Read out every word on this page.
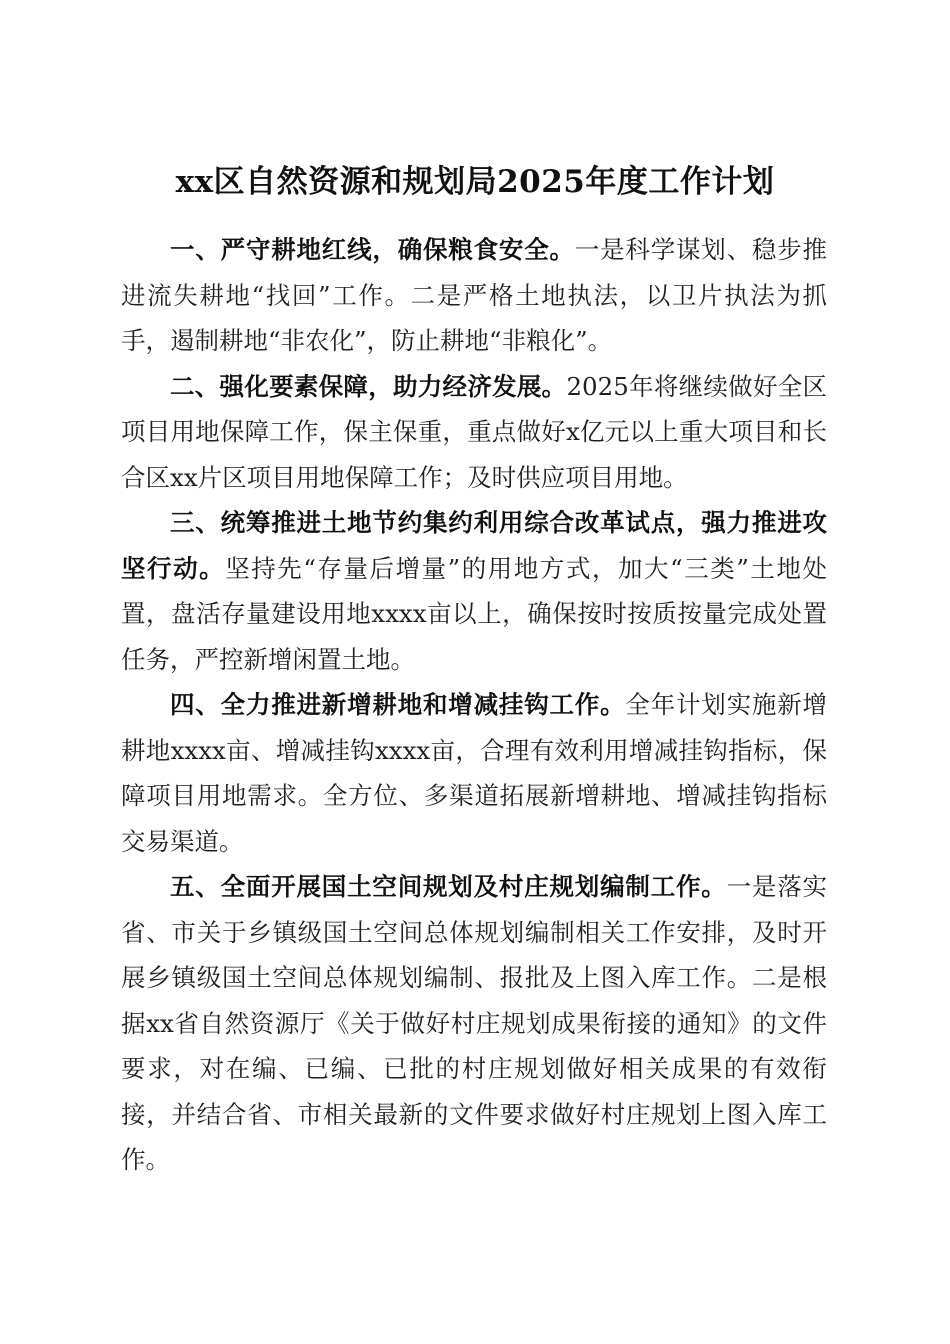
xx区自然资源和规划局2025年度工作计划

一、严守耕地红线，确保粮食安全。一是科学谋划、稳步推进流失耕地“找回”工作。二是严格土地执法，以卫片执法为抓手，遏制耕地“非农化”，防止耕地“非粮化”。

二、强化要素保障，助力经济发展。2025年将继续做好全区项目用地保障工作，保主保重，重点做好x亿元以上重大项目和长合区xx片区项目用地保障工作；及时供应项目用地。

三、统筹推进土地节约集约利用综合改革试点，强力推进攻坚行动。坚持先“存量后增量”的用地方式，加大“三类”土地处置，盘活存量建设用地xxxx亩以上，确保按时按质按量完成处置任务，严控新增闲置土地。

四、全力推进新增耕地和增减挂钩工作。全年计划实施新增耕地xxxx亩、增减挂钩xxxx亩，合理有效利用增减挂钩指标，保障项目用地需求。全方位、多渠道拓展新增耕地、增减挂钩指标交易渠道。

五、全面开展国土空间规划及村庄规划编制工作。一是落实省、市关于乡镇级国土空间总体规划编制相关工作安排，及时开展乡镇级国土空间总体规划编制、报批及上图入库工作。二是根据xx省自然资源厅《关于做好村庄规划成果衔接的通知》的文件要求，对在编、已编、已批的村庄规划做好相关成果的有效衔接，并结合省、市相关最新的文件要求做好村庄规划上图入库工作。
